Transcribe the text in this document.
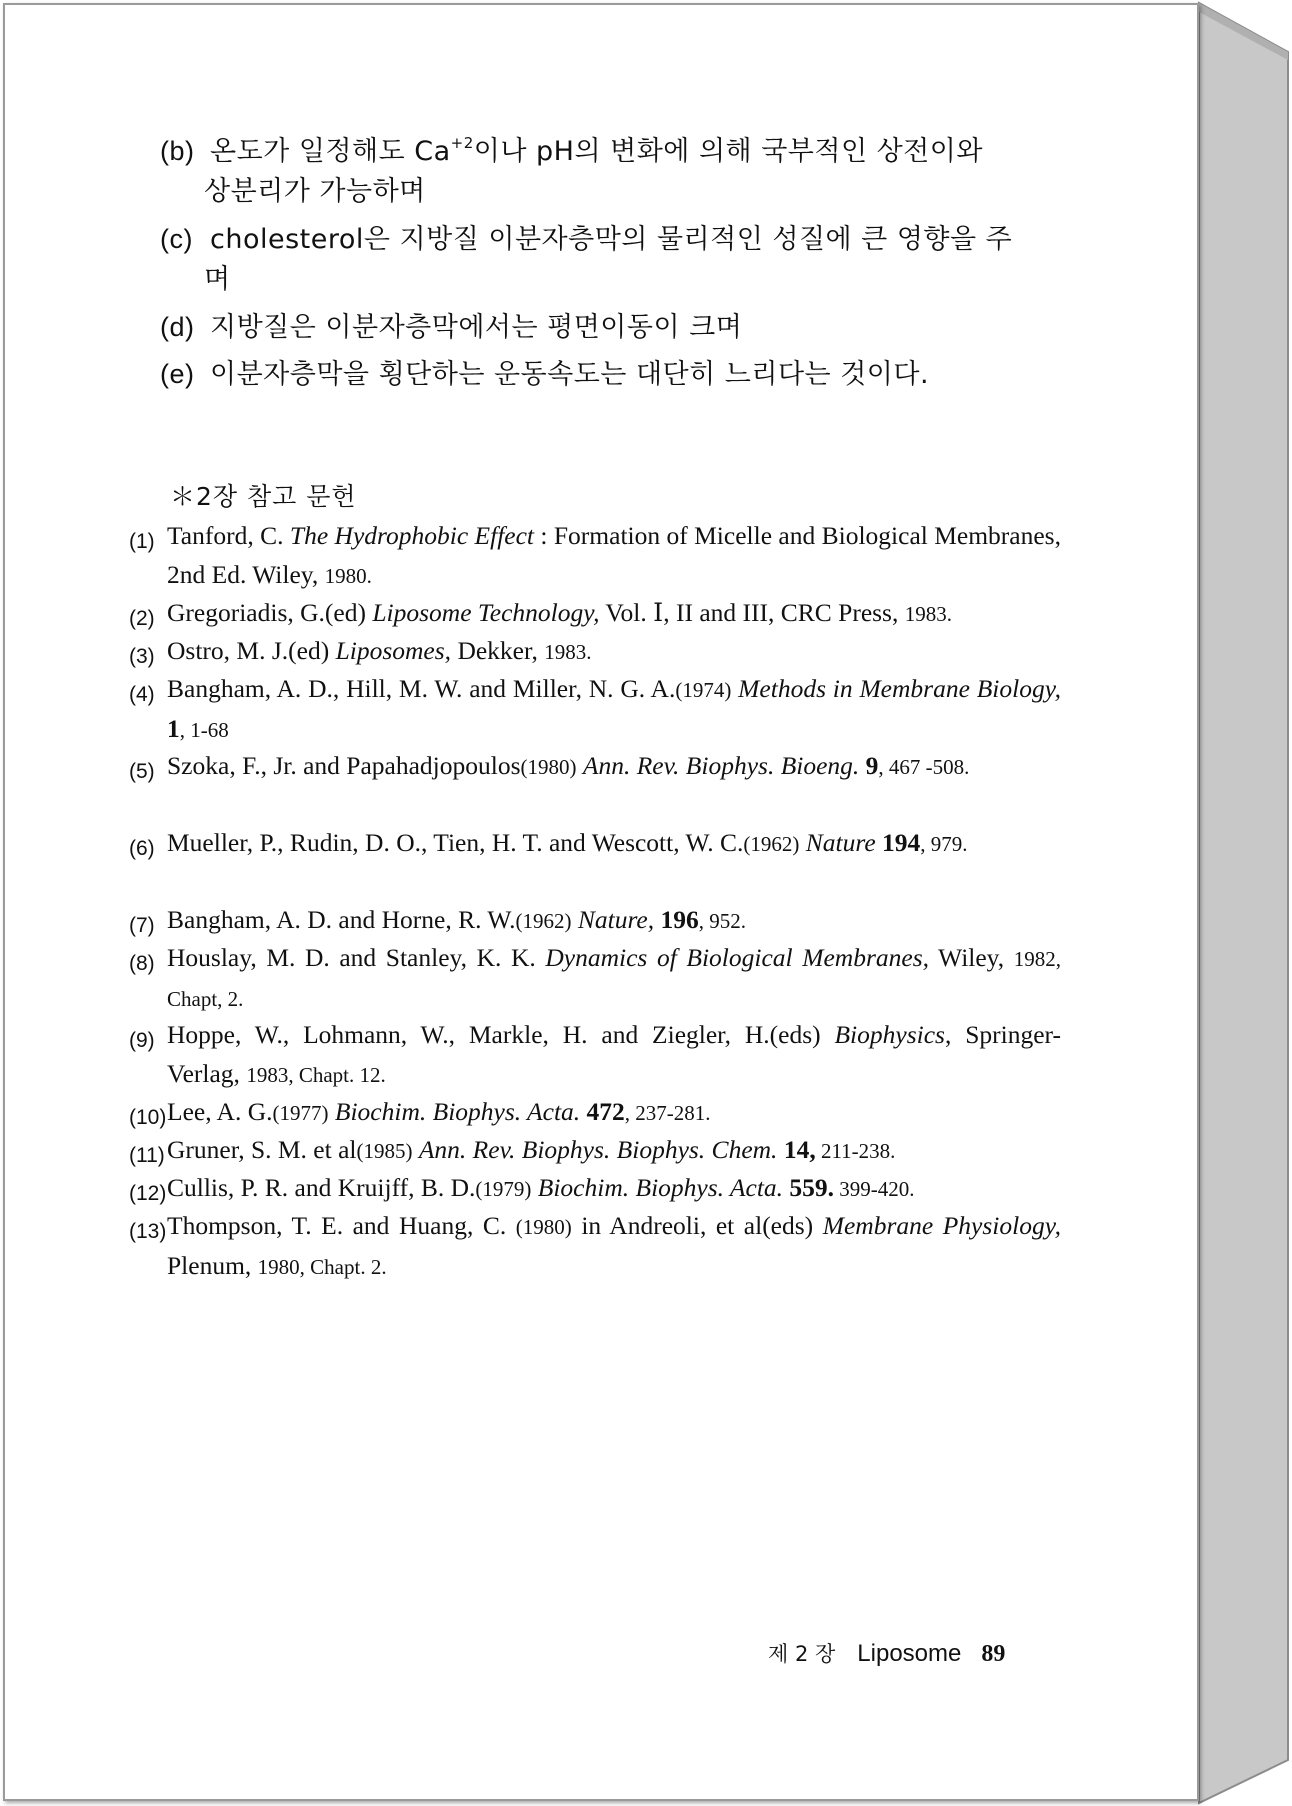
(b) 온도가 일정해도 $Ca^{+2}$이나 pH의 변화에 의해 국부적인 상전이와
상분리가 가능하며
(c) cholesterol은 지방질 이분자층막의 물리적인 성질에 큰 영향을 주
며
(d) 지방질은 이분자층막에서는 평면이동이 크며
(e) 이분자층막을 횡단하는 운동속도는 대단히 느리다는 것이다.
＊2장 참고 문헌
(1) Tanford, C. The Hydrophobic Effect : Formation of Micelle and Biological Membranes, 2nd Ed. Wiley, 1980.
(2) Gregoriadis, G.(ed) Liposome Technology, Vol. Ⅰ, II and III, CRC Press, 1983.
(3) Ostro, M. J.(ed) Liposomes, Dekker, 1983.
(4) Bangham, A. D., Hill, M. W. and Miller, N. G. A.(1974) Methods in Membrane Biology, 1, 1-68
(5) Szoka, F., Jr. and Papahadjopoulos(1980) Ann. Rev. Biophys. Bioeng. 9, 467 -508.
(6) Mueller, P., Rudin, D. O., Tien, H. T. and Wescott, W. C.(1962) Nature 194, 979.
(7) Bangham, A. D. and Horne, R. W.(1962) Nature, 196, 952.
(8) Houslay, M. D. and Stanley, K. K. Dynamics of Biological Membranes, Wiley, 1982, Chapt, 2.
(9) Hoppe, W., Lohmann, W., Markle, H. and Ziegler, H.(eds) Biophysics, Springer- Verlag, 1983, Chapt. 12.
(10) Lee, A. G.(1977) Biochim. Biophys. Acta. 472, 237-281.
(11) Gruner, S. M. et al(1985) Ann. Rev. Biophys. Biophys. Chem. 14, 211-238.
(12) Cullis, P. R. and Kruijff, B. D.(1979) Biochim. Biophys. Acta. 559. 399-420.
(13) Thompson, T. E. and Huang, C. (1980) in Andreoli, et al(eds) Membrane Physiology, Plenum, 1980, Chapt. 2.
제 2 장 Liposome 89
